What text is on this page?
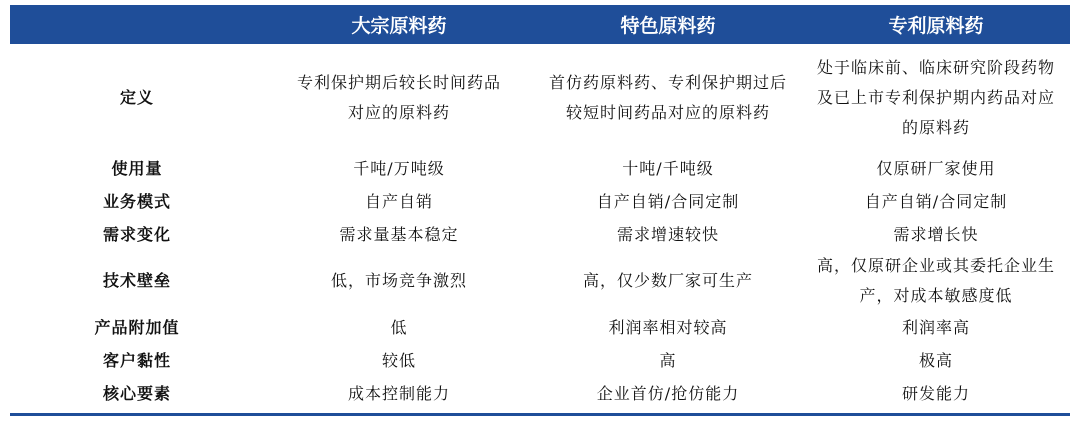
	大宗原料药	特色原料药	专利原料药
定义	专利保护期后较长时间药品对应的原料药	首仿药原料药、专利保护期过后较短时间药品对应的原料药	处于临床前、临床研究阶段药物及已上市专利保护期内药品对应的原料药
使用量	千吨/万吨级	十吨/千吨级	仅原研厂家使用
业务模式	自产自销	自产自销/合同定制	自产自销/合同定制
需求变化	需求量基本稳定	需求增速较快	需求增长快
技术壁垒	低，市场竞争激烈	高，仅少数厂家可生产	高，仅原研企业或其委托企业生产，对成本敏感度低
产品附加值	低	利润率相对较高	利润率高
客户黏性	较低	高	极高
核心要素	成本控制能力	企业首仿/抢仿能力	研发能力
